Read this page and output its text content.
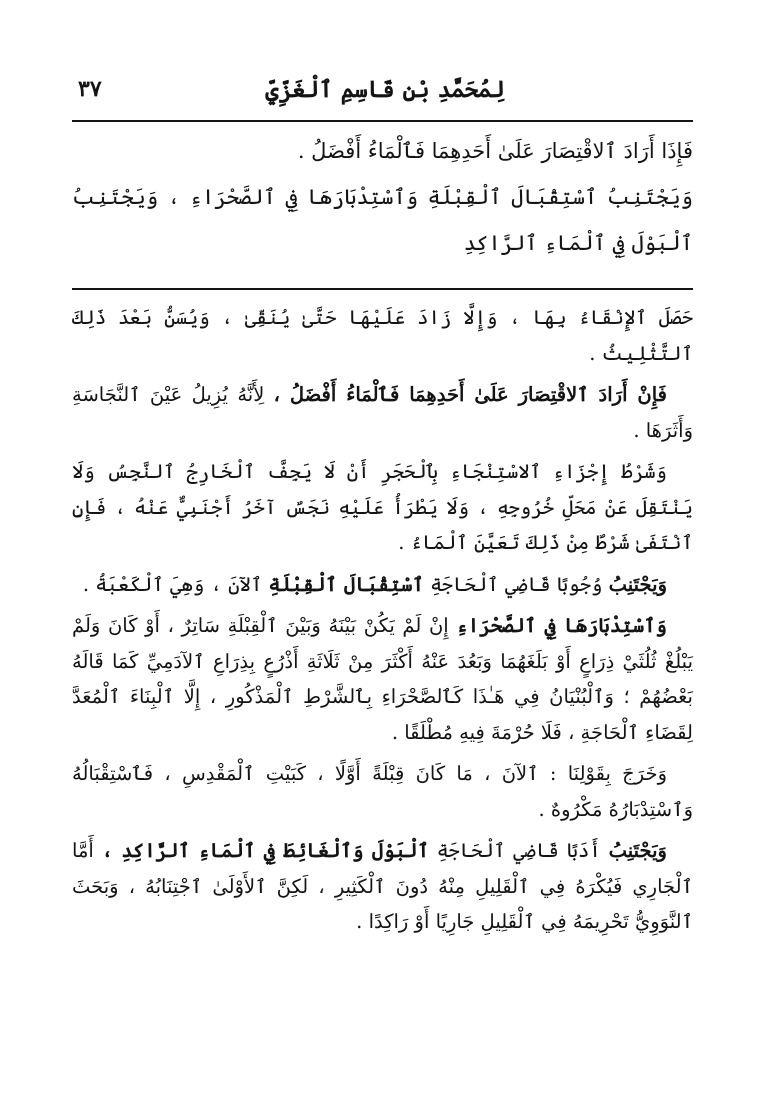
لِمُحَمَّدِ بْنِ قَاسِمِ ٱلْغَزِّيِّ
٣٧

فَإِذَا أَرَادَ ٱلاقْتِصَارَ عَلَىٰ أَحَدِهِمَا فَٱلْمَاءُ أَفْضَلُ .

وَيَجْتَنِبُ ٱسْتِقْبَالَ ٱلْقِبْلَةِ وَٱسْتِدْبَارَهَا فِي ٱلصَّحْرَاءِ ، وَيَجْتَنِبُ ٱلْبَوْلَ فِي ٱلْمَاءِ ٱلرَّاكِدِ

حَصَلَ ٱلإِنْقَاءُ بِهَا ، وَإِلَّا زَادَ عَلَيْهَا حَتَّىٰ يُنَقِّىٰ ، وَيُسَنُّ بَعْدَ ذَلِكَ ٱلتَّثْلِيثُ .

فَإِنْ أَرَادَ ٱلاقْتِصَارَ عَلَىٰ أَحَدِهِمَا فَٱلْمَاءُ أَفْضَلُ ، لِأَنَّهُ يُزِيلُ عَيْنَ ٱلنَّجَاسَةِ وَأَثَرَهَا .

وَشَرْطُ إِجْزَاءِ ٱلاسْتِنْجَاءِ بِٱلْحَجَرِ أَنْ لَا يَجِفَّ ٱلْخَارِجُ ٱلنَّجِسُ وَلَا يَنْتَقِلَ عَنْ مَحَلِّ خُرُوجِهِ ، وَلَا يَطْرَأُ عَلَيْهِ نَجَسٌ آخَرُ أَجْنَبِيٌّ عَنْهُ ، فَإِنِ ٱنْتَفَىٰ شَرْطٌ مِنْ ذَلِكَ تَعَيَّنَ ٱلْمَاءُ .

وَيَجْتَنِبُ وُجُوبًا قَاضِي ٱلْحَاجَةِ ٱسْتِقْبَالَ ٱلْقِبْلَةِ ٱلآنَ ، وَهِيَ ٱلْكَعْبَةُ .

وَٱسْتِدْبَارَهَا فِي ٱلصَّحْرَاءِ إِنْ لَمْ يَكُنْ بَيْنَهُ وَبَيْنَ ٱلْقِبْلَةِ سَاتِرٌ ، أَوْ كَانَ وَلَمْ يَبْلُغْ ثُلُثَيْ ذِرَاعٍ أَوْ بَلَغَهُمَا وَبَعُدَ عَنْهُ أَكْثَرَ مِنْ ثَلَاثَةِ أَذْرُعٍ بِذِرَاعِ ٱلآدَمِيِّ كَمَا قَالَهُ بَعْضُهُمْ ؛ وَٱلْبُنْيَانُ فِي هَـٰذَا كَٱلصَّحْرَاءِ بِٱلشَّرْطِ ٱلْمَذْكُورِ ، إِلَّا ٱلْبِنَاءَ ٱلْمُعَدَّ لِقَضَاءِ ٱلْحَاجَةِ ، فَلَا حُرْمَةَ فِيهِ مُطْلَقًا .

وَخَرَجَ بِقَوْلِنَا : ٱلآنَ ، مَا كَانَ قِبْلَةً أَوَّلًا ، كَبَيْتِ ٱلْمَقْدِسِ ، فَٱسْتِقْبَالُهُ وَٱسْتِدْبَارُهُ مَكْرُوهٌ .

وَيَجْتَنِبُ أَدَبًا قَاضِي ٱلْحَاجَةِ ٱلْبَوْلَ وَٱلْغَائِطَ فِي ٱلْمَاءِ ٱلرَّاكِدِ ، أَمَّا ٱلْجَارِي فَيُكْرَهُ فِي ٱلْقَلِيلِ مِنْهُ دُونَ ٱلْكَثِيرِ ، لَكِنَّ ٱلأَوْلَىٰ ٱجْتِنَابُهُ ، وَبَحَثَ ٱلنَّوَوِيُّ تَحْرِيمَهُ فِي ٱلْقَلِيلِ جَارِيًا أَوْ رَاكِدًا .
